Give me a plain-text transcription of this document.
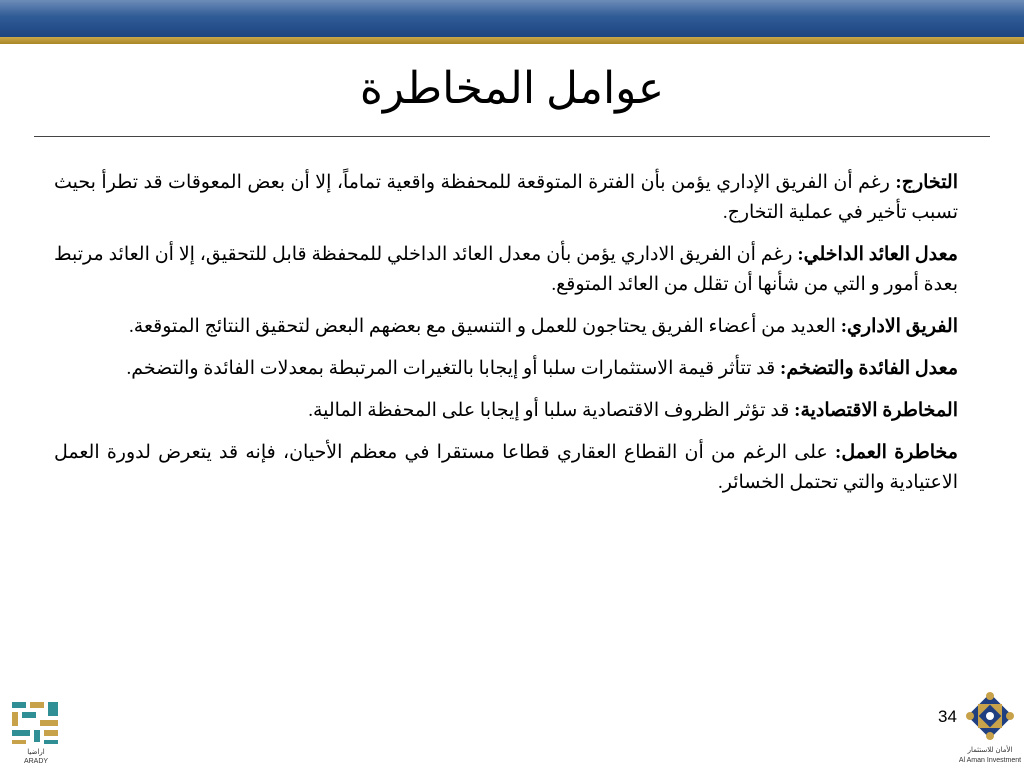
عوامل المخاطرة

التخارج: رغم أن الفريق الإداري يؤمن بأن الفترة المتوقعة للمحفظة واقعية تماماً، إلا أن بعض المعوقات قد تطرأ بحيث تسبب تأخير في عملية التخارج.

معدل العائد الداخلي: رغم أن الفريق الاداري يؤمن بأن معدل العائد الداخلي للمحفظة قابل للتحقيق، إلا أن العائد مرتبط بعدة أمور و التي من شأنها أن تقلل من العائد المتوقع.

الفريق الاداري: العديد من أعضاء الفريق يحتاجون للعمل و التنسيق مع بعضهم البعض لتحقيق النتائج المتوقعة.

معدل الفائدة والتضخم: قد تتأثر قيمة الاستثمارات سلبا أو إيجابا بالتغيرات المرتبطة بمعدلات الفائدة والتضخم.

المخاطرة الاقتصادية: قد تؤثر الظروف الاقتصادية سلبا أو إيجابا على المحفظة المالية.

مخاطرة العمل: على الرغم من أن القطاع العقاري قطاعا مستقرا في معظم الأحيان، فإنه قد يتعرض لدورة العمل الاعتيادية والتي تحتمل الخسائر.

اراضيا
ARADY
34
الأمان للاستثمار
Al Aman Investment
